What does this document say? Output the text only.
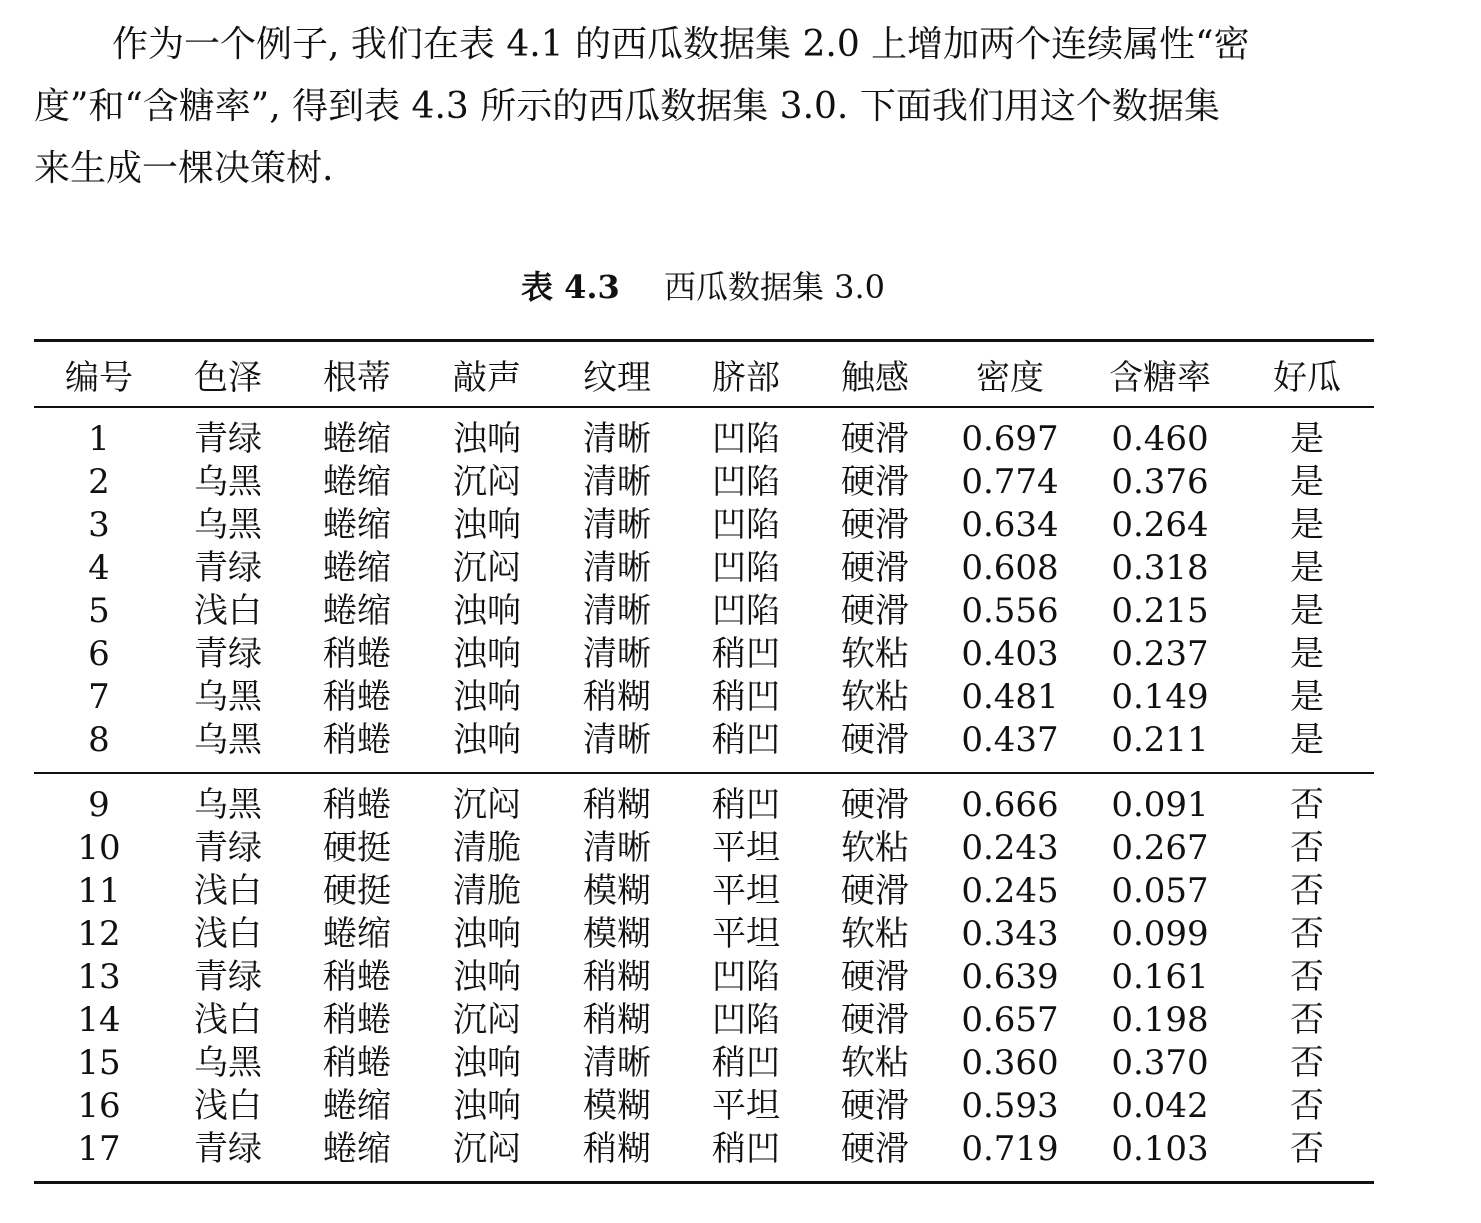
作为一个例子, 我们在表 4.1 的西瓜数据集 2.0 上增加两个连续属性“密
度”和“含糖率”, 得到表 4.3 所示的西瓜数据集 3.0. 下面我们用这个数据集
来生成一棵决策树.

表 4.3 西瓜数据集 3.0
编号	色泽	根蒂	敲声	纹理	脐部	触感	密度	含糖率	好瓜
1	青绿	蜷缩	浊响	清晰	凹陷	硬滑	0.697	0.460	是
2	乌黑	蜷缩	沉闷	清晰	凹陷	硬滑	0.774	0.376	是
3	乌黑	蜷缩	浊响	清晰	凹陷	硬滑	0.634	0.264	是
4	青绿	蜷缩	沉闷	清晰	凹陷	硬滑	0.608	0.318	是
5	浅白	蜷缩	浊响	清晰	凹陷	硬滑	0.556	0.215	是
6	青绿	稍蜷	浊响	清晰	稍凹	软粘	0.403	0.237	是
7	乌黑	稍蜷	浊响	稍糊	稍凹	软粘	0.481	0.149	是
8	乌黑	稍蜷	浊响	清晰	稍凹	硬滑	0.437	0.211	是
9	乌黑	稍蜷	沉闷	稍糊	稍凹	硬滑	0.666	0.091	否
10	青绿	硬挺	清脆	清晰	平坦	软粘	0.243	0.267	否
11	浅白	硬挺	清脆	模糊	平坦	硬滑	0.245	0.057	否
12	浅白	蜷缩	浊响	模糊	平坦	软粘	0.343	0.099	否
13	青绿	稍蜷	浊响	稍糊	凹陷	硬滑	0.639	0.161	否
14	浅白	稍蜷	沉闷	稍糊	凹陷	硬滑	0.657	0.198	否
15	乌黑	稍蜷	浊响	清晰	稍凹	软粘	0.360	0.370	否
16	浅白	蜷缩	浊响	模糊	平坦	硬滑	0.593	0.042	否
17	青绿	蜷缩	沉闷	稍糊	稍凹	硬滑	0.719	0.103	否
